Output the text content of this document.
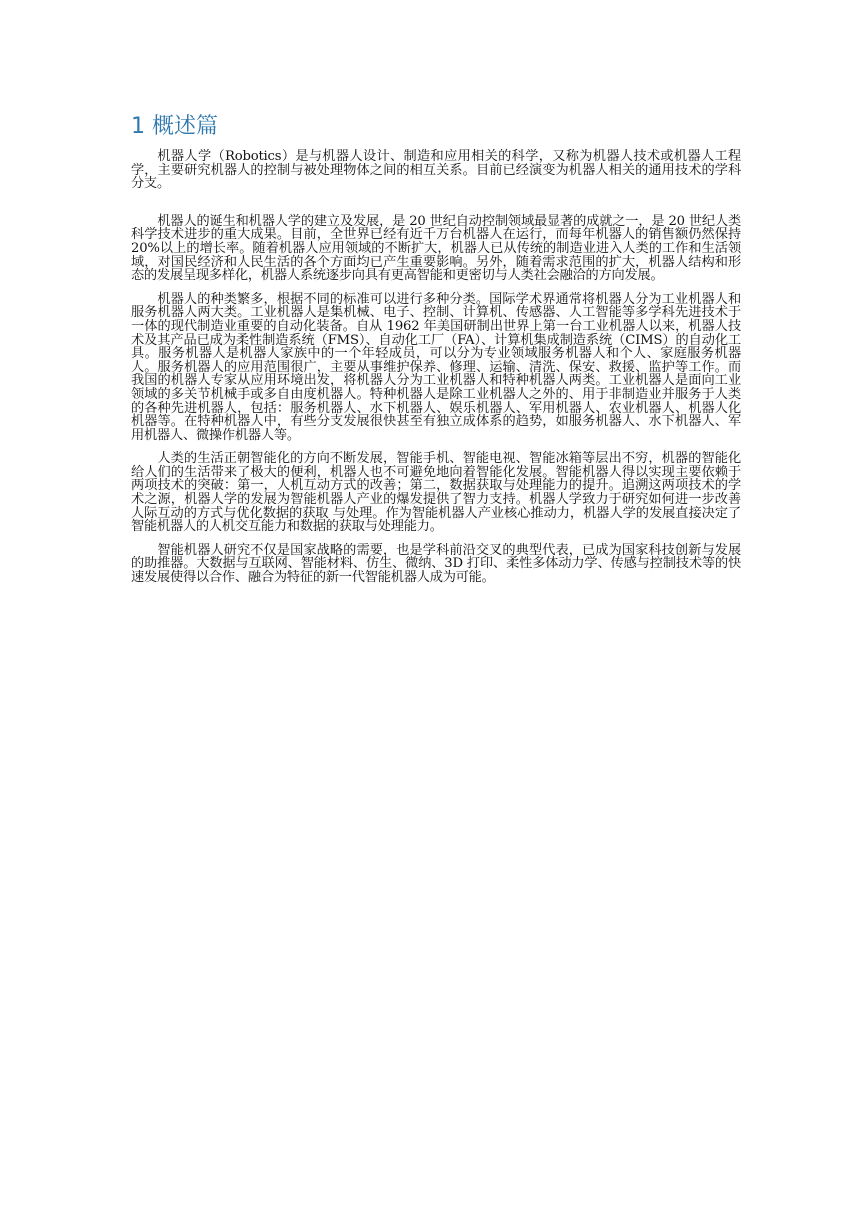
1 概述篇

机器人学（Robotics）是与机器人设计、制造和应用相关的科学，又称为机器人技术或机器人工程学，主要研究机器人的控制与被处理物体之间的相互关系。目前已经演变为机器人相关的通用技术的学科分支。

机器人的诞生和机器人学的建立及发展，是 20 世纪自动控制领域最显著的成就之一，是 20 世纪人类科学技术进步的重大成果。目前，全世界已经有近千万台机器人在运行，而每年机器人的销售额仍然保持 20%以上的增长率。随着机器人应用领域的不断扩大，机器人已从传统的制造业进入人类的工作和生活领域，对国民经济和人民生活的各个方面均已产生重要影响。另外，随着需求范围的扩大，机器人结构和形态的发展呈现多样化，机器人系统逐步向具有更高智能和更密切与人类社会融洽的方向发展。

机器人的种类繁多，根据不同的标准可以进行多种分类。国际学术界通常将机器人分为工业机器人和服务机器人两大类。工业机器人是集机械、电子、控制、计算机、传感器、人工智能等多学科先进技术于一体的现代制造业重要的自动化装备。自从 1962 年美国研制出世界上第一台工业机器人以来，机器人技术及其产品已成为柔性制造系统（FMS）、自动化工厂（FA）、计算机集成制造系统（CIMS）的自动化工具。服务机器人是机器人家族中的一个年轻成员，可以分为专业领域服务机器人和个人、家庭服务机器人。服务机器人的应用范围很广，主要从事维护保养、修理、运输、清洗、保安、救援、监护等工作。而我国的机器人专家从应用环境出发，将机器人分为工业机器人和特种机器人两类。工业机器人是面向工业领域的多关节机械手或多自由度机器人。特种机器人是除工业机器人之外的、用于非制造业并服务于人类的各种先进机器人，包括：服务机器人、水下机器人、娱乐机器人、军用机器人、农业机器人、机器人化机器等。在特种机器人中，有些分支发展很快甚至有独立成体系的趋势，如服务机器人、水下机器人、军用机器人、微操作机器人等。

人类的生活正朝智能化的方向不断发展，智能手机、智能电视、智能冰箱等层出不穷，机器的智能化给人们的生活带来了极大的便利，机器人也不可避免地向着智能化发展。智能机器人得以实现主要依赖于两项技术的突破：第一，人机互动方式的改善；第二，数据获取与处理能力的提升。追溯这两项技术的学术之源，机器人学的发展为智能机器人产业的爆发提供了智力支持。机器人学致力于研究如何进一步改善人际互动的方式与优化数据的获取 与处理。作为智能机器人产业核心推动力，机器人学的发展直接决定了智能机器人的人机交互能力和数据的获取与处理能力。

智能机器人研究不仅是国家战略的需要，也是学科前沿交叉的典型代表，已成为国家科技创新与发展的助推器。大数据与互联网、智能材料、仿生、微纳、3D 打印、柔性多体动力学、传感与控制技术等的快速发展使得以合作、融合为特征的新一代智能机器人成为可能。
